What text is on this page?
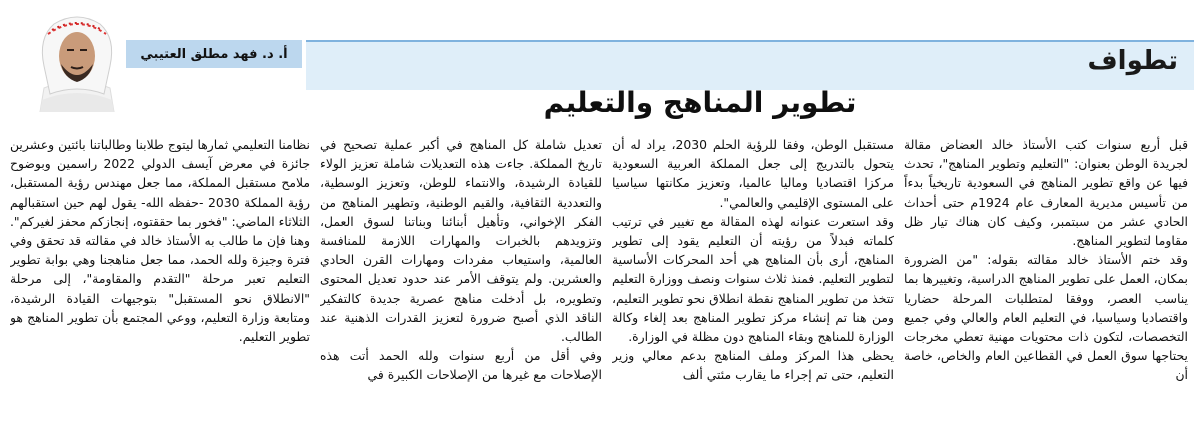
تطواف
أ. د. فهد مطلق العتيبي
تطوير المناهج والتعليم

قبل أربع سنوات كتب الأستاذ خالد العضاض مقالة لجريدة الوطن بعنوان: "التعليم وتطوير المناهج"، تحدث فيها عن واقع تطوير المناهج في السعودية تاريخياً بدءاً من تأسيس مديرية المعارف عام 1924م حتى أحداث الحادي عشر من سبتمبر، وكيف كان هناك تيار ظل مقاوما لتطوير المناهج.

وقد ختم الأستاذ خالد مقالته بقوله: "من الضرورة بمكان، العمل على تطوير المناهج الدراسية، وتغييرها بما يناسب العصر، ووفقا لمتطلبات المرحلة حضاريا واقتصاديا وسياسيا، في التعليم العام والعالي وفي جميع التخصصات، لتكون ذات محتويات مهنية تعطي مخرجات يحتاجها سوق العمل في القطاعين العام والخاص، خاصة أن

مستقبل الوطن، وفقا للرؤية الحلم 2030، يراد له أن يتحول بالتدريج إلى جعل المملكة العربية السعودية مركزا اقتصاديا وماليا عالميا، وتعزيز مكانتها سياسيا على المستوى الإقليمي والعالمي".

وقد استعرت عنوانه لهذه المقالة مع تغيير في ترتيب كلماته فبدلاً من رؤيته أن التعليم يقود إلى تطوير المناهج، أرى بأن المناهج هي أحد المحركات الأساسية لتطوير التعليم. فمنذ ثلاث سنوات ونصف ووزارة التعليم تتخذ من تطوير المناهج نقطة انطلاق نحو تطوير التعليم، ومن هنا تم إنشاء مركز تطوير المناهج بعد إلغاء وكالة الوزارة للمناهج وبقاء المناهج دون مظلة في الوزارة.

يحظى هذا المركز وملف المناهج بدعم معالي وزير التعليم، حتى تم إجراء ما يقارب مئتي ألف

تعديل شاملة كل المناهج في أكبر عملية تصحيح في تاريخ المملكة. جاءت هذه التعديلات شاملة تعزيز الولاء للقيادة الرشيدة، والانتماء للوطن، وتعزيز الوسطية، والتعددية الثقافية، والقيم الوطنية، وتطهير المناهج من الفكر الإخواني، وتأهيل أبنائنا وبناتنا لسوق العمل، وتزويدهم بالخبرات والمهارات اللازمة للمنافسة العالمية، واستيعاب مفردات ومهارات القرن الحادي والعشرين. ولم يتوقف الأمر عند حدود تعديل المحتوى وتطويره، بل أدخلت مناهج عصرية جديدة كالتفكير الناقد الذي أصبح ضرورة لتعزيز القدرات الذهنية عند الطالب.

وفي أقل من أربع سنوات ولله الحمد أتت هذه الإصلاحات مع غيرها من الإصلاحات الكبيرة في

نظامنا التعليمي ثمارها ليتوج طلابنا وطالباتنا بائتين وعشرين جائزة في معرض آيسف الدولي 2022 راسمين وبوضوح ملامح مستقبل المملكة، مما جعل مهندس رؤية المستقبل، رؤية المملكة 2030 -حفظه الله- يقول لهم حين استقبالهم الثلاثاء الماضي: "فخور بما حققتوه، إنجازكم محفز لغيركم".

وهنا فإن ما طالب به الأستاذ خالد في مقالته قد تحقق وفي فترة وجيزة ولله الحمد، مما جعل مناهجنا وهي بوابة تطوير التعليم تعبر مرحلة "التقدم والمقاومة"، إلى مرحلة "الانطلاق نحو المستقبل" بتوجيهات القيادة الرشيدة، ومتابعة وزارة التعليم، ووعي المجتمع بأن تطوير المناهج هو تطوير التعليم.
